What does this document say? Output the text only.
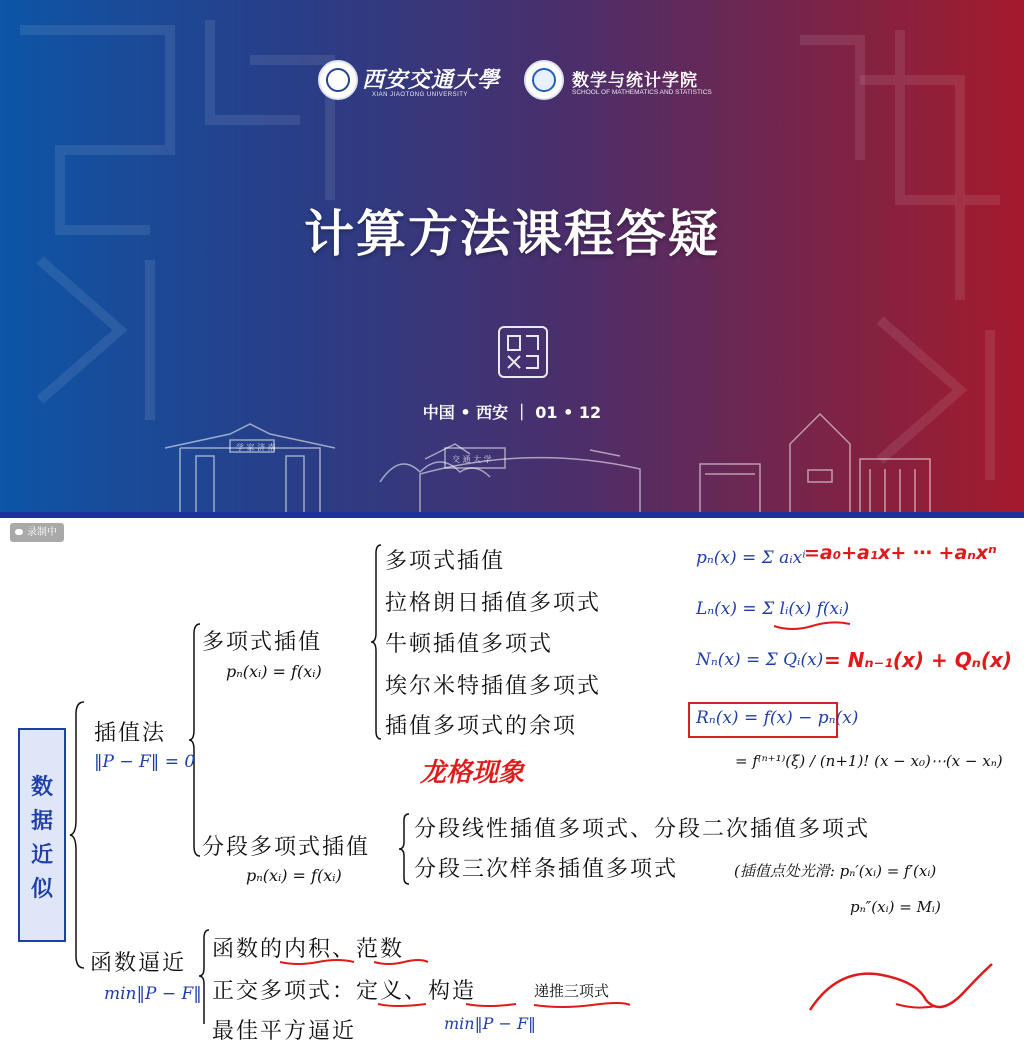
西安交通大學
XIAN JIAOTONG UNIVERSITY
数学与统计学院
SCHOOL OF MATHEMATICS AND STATISTICS
计算方法课程答疑
中国 • 西安 ｜ 01 • 12
学 家 济 南
交 通 大 学
录制中
数
据
近
似
插值法
‖P − F‖ = 0
函数逼近
min‖P − F‖
多项式插值
pₙ(xᵢ) = f(xᵢ)
分段多项式插值
pₙ(xᵢ) = f(xᵢ)
多项式插值
拉格朗日插值多项式
牛顿插值多项式
埃尔米特插值多项式
插值多项式的余项
pₙ(x) = Σ aᵢxⁱ
Lₙ(x) = Σ lᵢ(x) f(xᵢ)
Nₙ(x) = Σ Qᵢ(x)
Rₙ(x) = f(x) − pₙ(x)
= f⁽ⁿ⁺¹⁾(ξ) / (n+1)! (x − x₀)⋯(x − xₙ)
=a₀+a₁x+ ⋯ +aₙxⁿ
= Nₙ₋₁(x) + Qₙ(x)
龙格现象
分段线性插值多项式、分段二次插值多项式
分段三次样条插值多项式	(插值点处光滑: pₙ′(xᵢ) = f′(xᵢ)
pₙ″(xᵢ) = Mᵢ)
函数的内积、范数
正交多项式：定义、构造	递推三项式
最佳平方逼近	min‖P − F‖
